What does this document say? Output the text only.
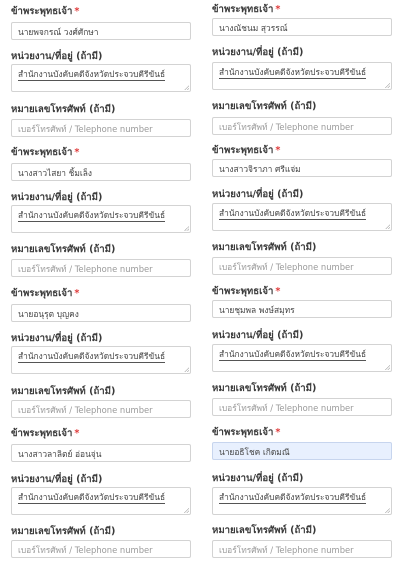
ข้าพระพุทธเจ้า *
นายพจกรณ์ วงศ์ศักษา
หน่วยงาน/ที่อยู่ (ถ้ามี)
สำนักงานบังคับคดีจังหวัดประจวบคีรีขันธ์
หมายเลขโทรศัพท์ (ถ้ามี)
เบอร์โทรศัพท์ / Telephone number
ข้าพระพุทธเจ้า *
นางสาวไสยา ชิ้มเล็ง
หน่วยงาน/ที่อยู่ (ถ้ามี)
สำนักงานบังคับคดีจังหวัดประจวบคีรีขันธ์
หมายเลขโทรศัพท์ (ถ้ามี)
เบอร์โทรศัพท์ / Telephone number
ข้าพระพุทธเจ้า *
นายอนุรุต บุญคง
หน่วยงาน/ที่อยู่ (ถ้ามี)
สำนักงานบังคับคดีจังหวัดประจวบคีรีขันธ์
หมายเลขโทรศัพท์ (ถ้ามี)
เบอร์โทรศัพท์ / Telephone number
ข้าพระพุทธเจ้า *
นางสาวลาลิตย์ อ่อนจุ่น
หน่วยงาน/ที่อยู่ (ถ้ามี)
สำนักงานบังคับคดีจังหวัดประจวบคีรีขันธ์
หมายเลขโทรศัพท์ (ถ้ามี)
เบอร์โทรศัพท์ / Telephone number
ข้าพระพุทธเจ้า *
นางณัชนม สุวรรณ์
หน่วยงาน/ที่อยู่ (ถ้ามี)
สำนักงานบังคับคดีจังหวัดประจวบคีรีขันธ์
หมายเลขโทรศัพท์ (ถ้ามี)
เบอร์โทรศัพท์ / Telephone number
ข้าพระพุทธเจ้า *
นางสาวจิราภา ศรีแจ่ม
หน่วยงาน/ที่อยู่ (ถ้ามี)
สำนักงานบังคับคดีจังหวัดประจวบคีรีขันธ์
หมายเลขโทรศัพท์ (ถ้ามี)
เบอร์โทรศัพท์ / Telephone number
ข้าพระพุทธเจ้า *
นายชุมพล พงษ์สมุทร
หน่วยงาน/ที่อยู่ (ถ้ามี)
สำนักงานบังคับคดีจังหวัดประจวบคีรีขันธ์
หมายเลขโทรศัพท์ (ถ้ามี)
เบอร์โทรศัพท์ / Telephone number
ข้าพระพุทธเจ้า *
นายอธิโชค เกิดมณี
หน่วยงาน/ที่อยู่ (ถ้ามี)
สำนักงานบังคับคดีจังหวัดประจวบคีรีขันธ์
หมายเลขโทรศัพท์ (ถ้ามี)
เบอร์โทรศัพท์ / Telephone number
